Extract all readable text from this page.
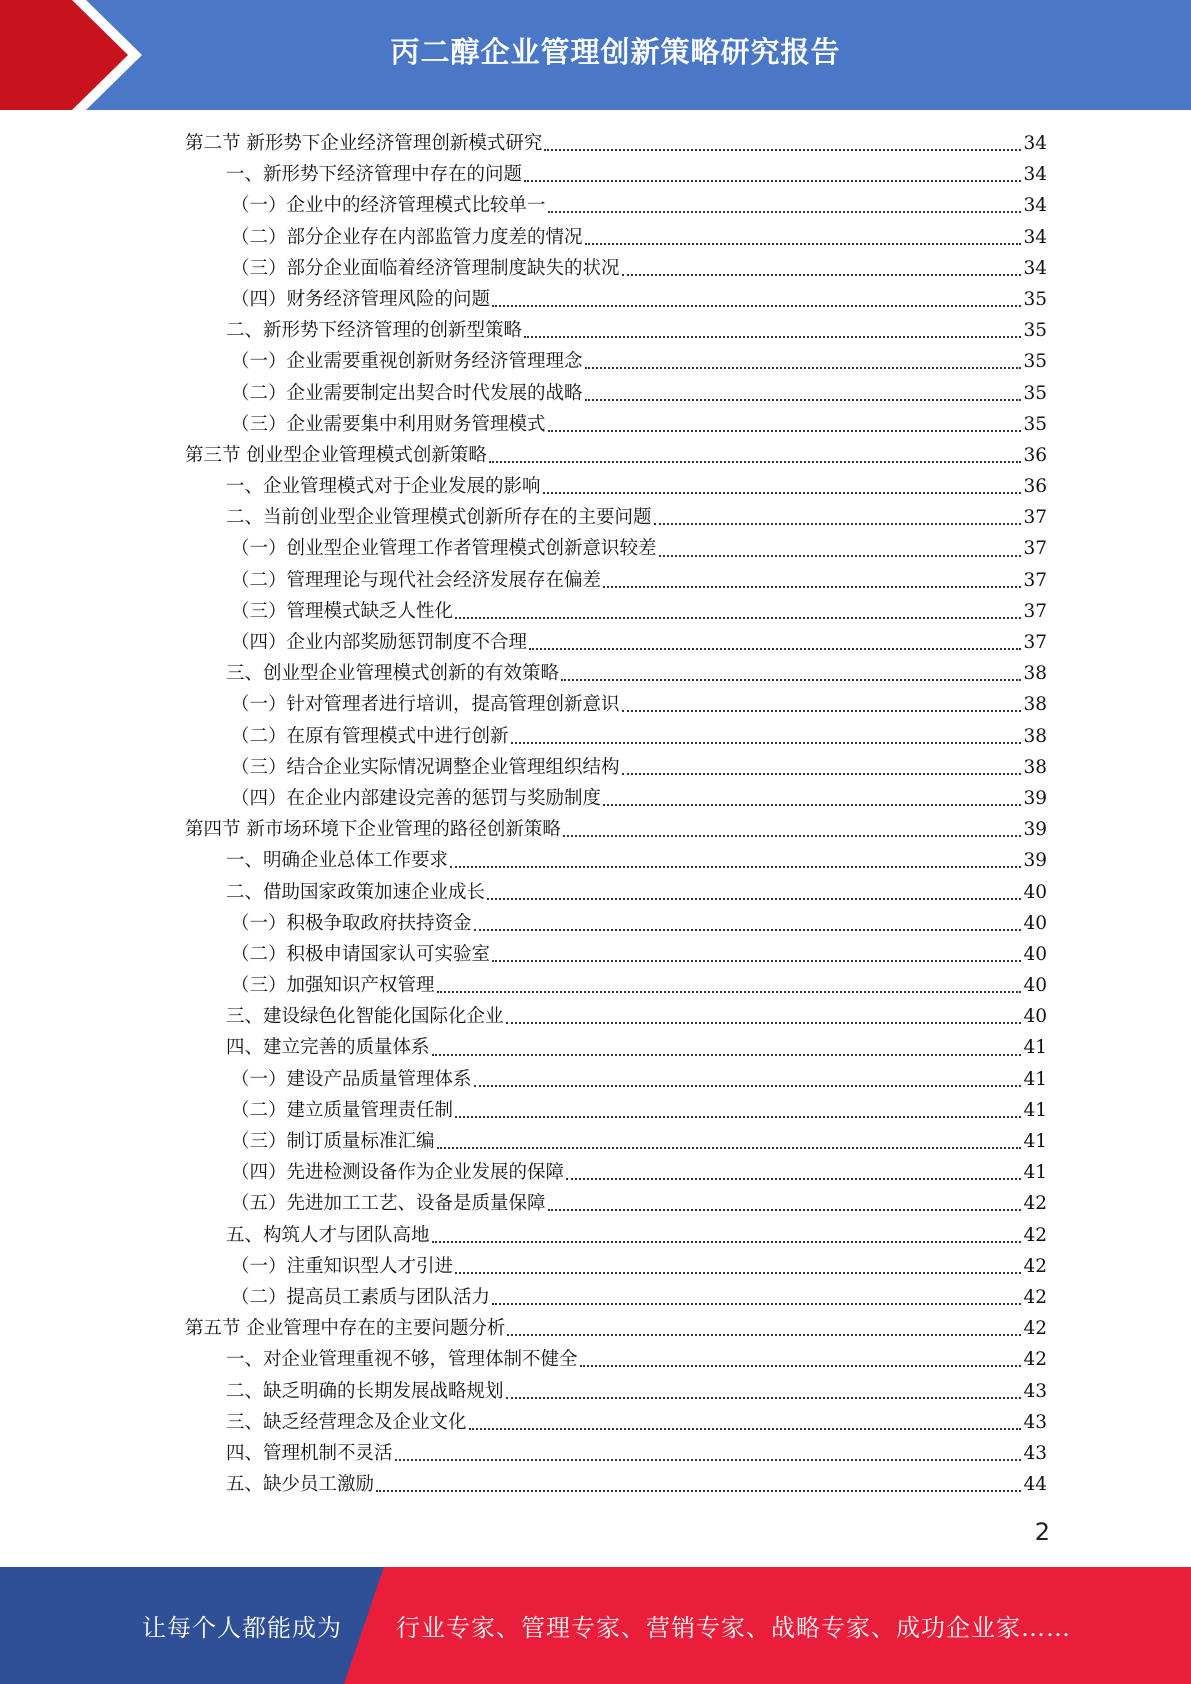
丙二醇企业管理创新策略研究报告
第二节 新形势下企业经济管理创新模式研究	34
一、新形势下经济管理中存在的问题	34
（一）企业中的经济管理模式比较单一	34
（二）部分企业存在内部监管力度差的情况	34
（三）部分企业面临着经济管理制度缺失的状况	34
（四）财务经济管理风险的问题	35
二、新形势下经济管理的创新型策略	35
（一）企业需要重视创新财务经济管理理念	35
（二）企业需要制定出契合时代发展的战略	35
（三）企业需要集中利用财务管理模式	35
第三节 创业型企业管理模式创新策略	36
一、企业管理模式对于企业发展的影响	36
二、当前创业型企业管理模式创新所存在的主要问题	37
（一）创业型企业管理工作者管理模式创新意识较差	37
（二）管理理论与现代社会经济发展存在偏差	37
（三）管理模式缺乏人性化	37
（四）企业内部奖励惩罚制度不合理	37
三、创业型企业管理模式创新的有效策略	38
（一）针对管理者进行培训，提高管理创新意识	38
（二）在原有管理模式中进行创新	38
（三）结合企业实际情况调整企业管理组织结构	38
（四）在企业内部建设完善的惩罚与奖励制度	39
第四节 新市场环境下企业管理的路径创新策略	39
一、明确企业总体工作要求	39
二、借助国家政策加速企业成长	40
（一）积极争取政府扶持资金	40
（二）积极申请国家认可实验室	40
（三）加强知识产权管理	40
三、建设绿色化智能化国际化企业	40
四、建立完善的质量体系	41
（一）建设产品质量管理体系	41
（二）建立质量管理责任制	41
（三）制订质量标准汇编	41
（四）先进检测设备作为企业发展的保障	41
（五）先进加工工艺、设备是质量保障	42
五、构筑人才与团队高地	42
（一）注重知识型人才引进	42
（二）提高员工素质与团队活力	42
第五节 企业管理中存在的主要问题分析	42
一、对企业管理重视不够，管理体制不健全	42
二、缺乏明确的长期发展战略规划	43
三、缺乏经营理念及企业文化	43
四、管理机制不灵活	43
五、缺少员工激励	44
2
让每个人都能成为 行业专家、管理专家、营销专家、战略专家、成功企业家……
